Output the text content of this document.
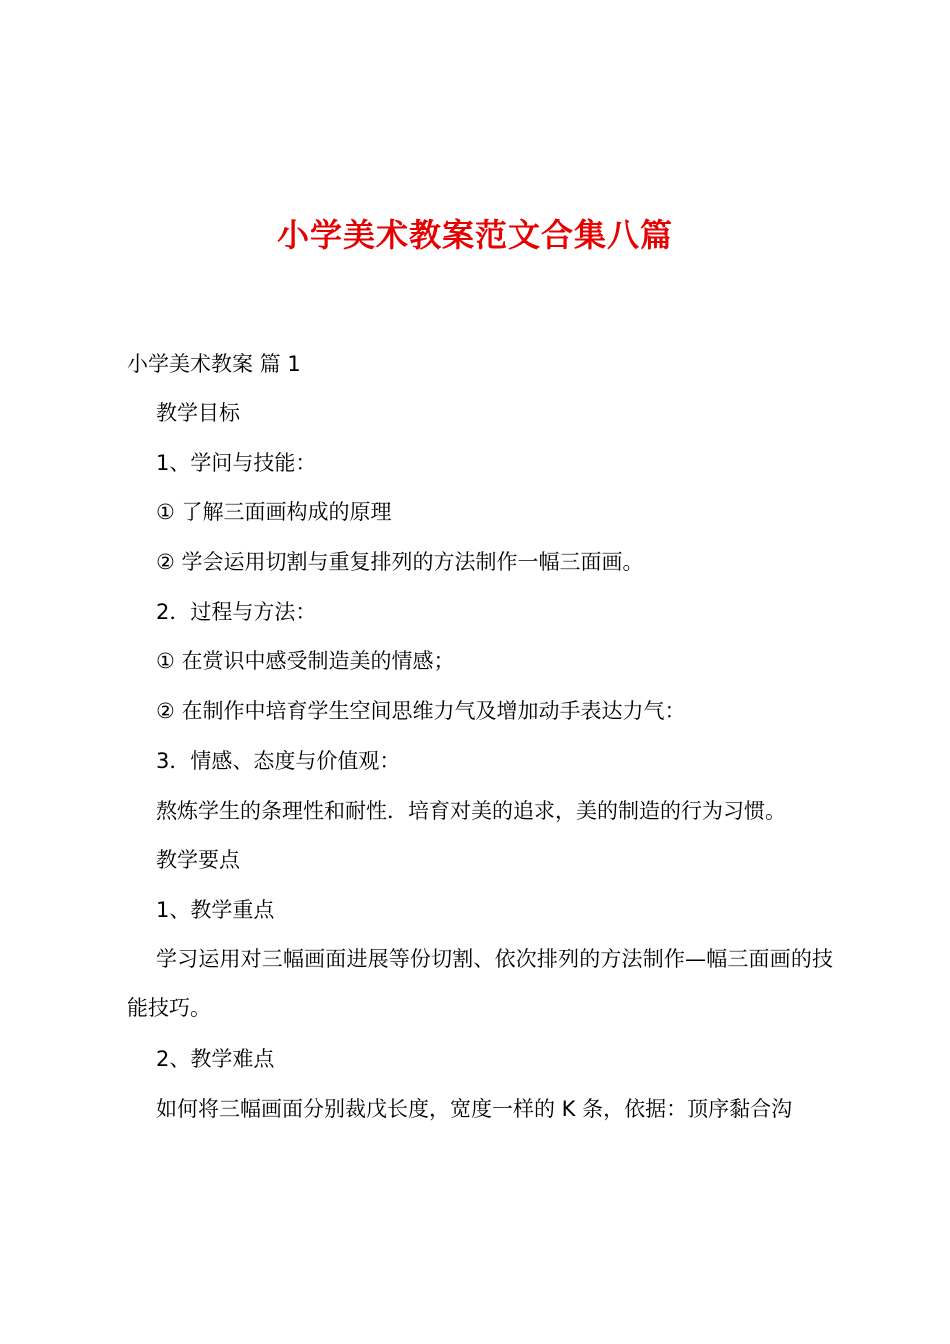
小学美术教案范文合集八篇
小学美术教案 篇 1

教学目标

1、学问与技能：

① 了解三面画构成的原理

② 学会运用切割与重复排列的方法制作一幅三面画。

2．过程与方法：

① 在赏识中感受制造美的情感；

② 在制作中培育学生空间思维力气及增加动手表达力气：

3．情感、态度与价值观：

熬炼学生的条理性和耐性．培育对美的追求，美的制造的行为习惯。

教学要点

1、教学重点

学习运用对三幅画面进展等份切割、依次排列的方法制作—幅三面画的技能技巧。

2、教学难点

如何将三幅画面分别裁戊长度，宽度一样的 K 条，依据：顶序黏合沟
